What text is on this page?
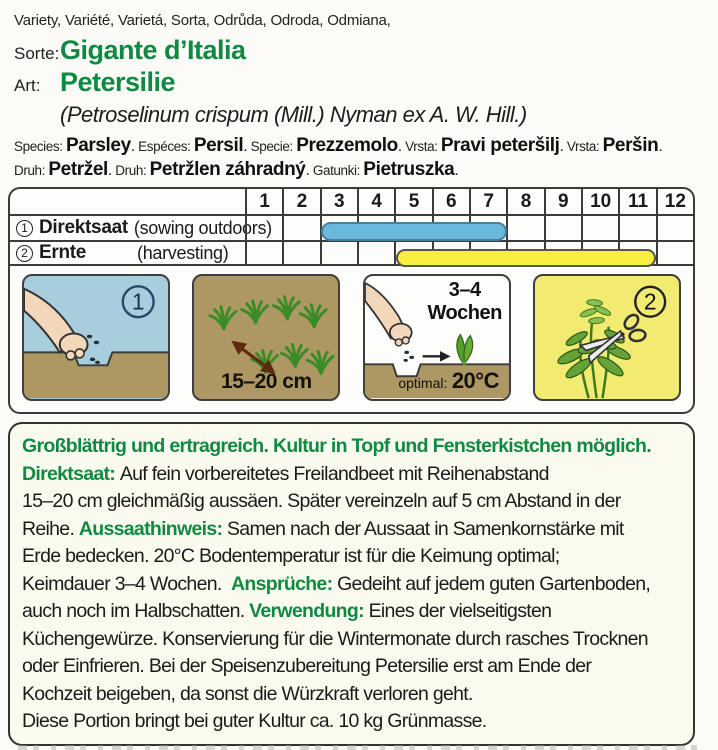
Variety, Variété, Varietá, Sorta, Odrůda, Odroda, Odmiana,
Sorte: Gigante d’Italia
Art: Petersilie
(Petroselinum crispum (Mill.) Nyman ex A. W. Hill.)
Species: Parsley. Espéces: Persil. Specie: Prezzemolo. Vrsta: Pravi peteršilj. Vrsta: Peršin.
Druh: Petržel. Druh: Petržlen záhradný. Gatunki: Pietruszka.
1	2	3	4	5	6	7	8	9	10 11 12
1 Direktsaat (sowing outdoors)
2 Ernte	(harvesting)
1
15–20 cm
3–4 Wochen
optimal: 20°C
2
Großblättrig und ertragreich. Kultur in Topf und Fensterkistchen möglich.
Direktsaat: Auf fein vorbereitetes Freilandbeet mit Reihenabstand
15–20 cm gleichmäßig aussäen. Später vereinzeln auf 5 cm Abstand in der
Reihe. Aussaathinweis: Samen nach der Aussaat in Samenkornstärke mit
Erde bedecken. 20°C Bodentemperatur ist für die Keimung optimal;
Keimdauer 3–4 Wochen.  Ansprüche: Gedeiht auf jedem guten Gartenboden,
auch noch im Halbschatten. Verwendung: Eines der vielseitigsten
Küchengewürze. Konservierung für die Wintermonate durch rasches Trocknen
oder Einfrieren. Bei der Speisenzubereitung Petersilie erst am Ende der
Kochzeit beigeben, da sonst die Würzkraft verloren geht.
Diese Portion bringt bei guter Kultur ca. 10 kg Grünmasse.
